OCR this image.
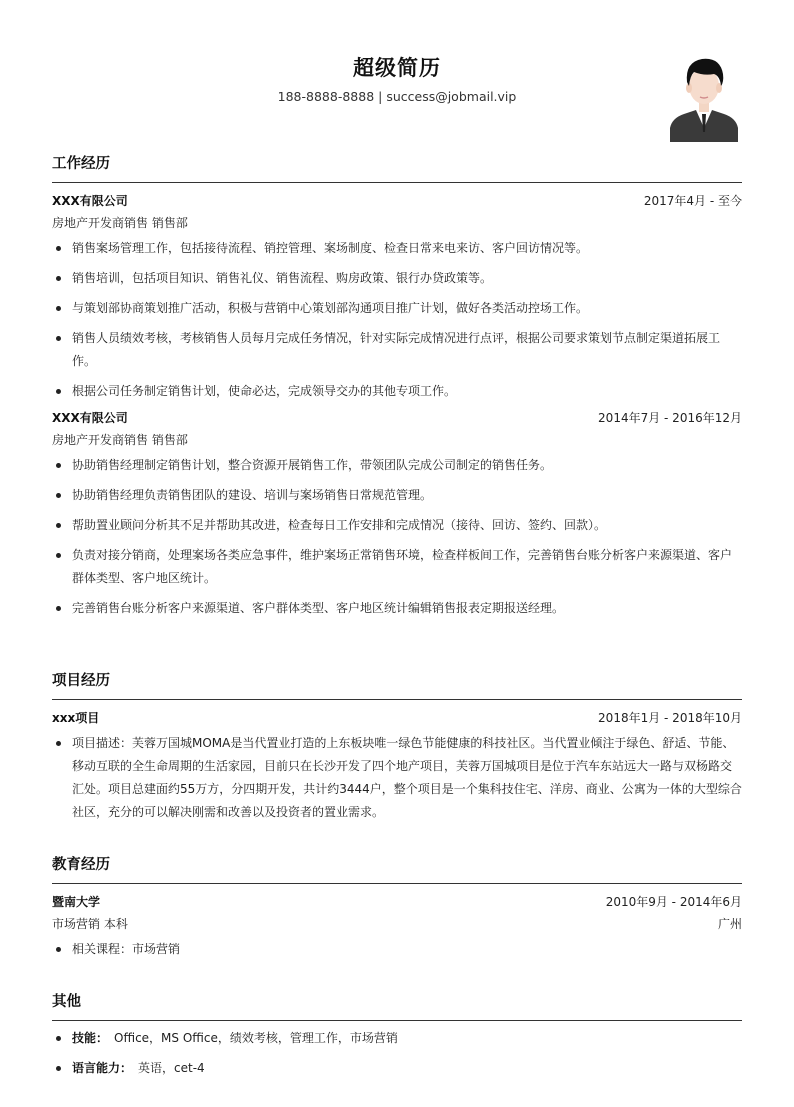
超级简历
188-8888-8888 | success@jobmail.vip
工作经历
XXX有限公司	2017年4月 - 至今
房地产开发商销售 销售部
销售案场管理工作，包括接待流程、销控管理、案场制度、检查日常来电来访、客户回访情况等。
销售培训，包括项目知识、销售礼仪、销售流程、购房政策、银行办贷政策等。
与策划部协商策划推广活动，积极与营销中心策划部沟通项目推广计划，做好各类活动控场工作。
销售人员绩效考核，考核销售人员每月完成任务情况，针对实际完成情况进行点评，根据公司要求策划节点制定渠道拓展工作。
根据公司任务制定销售计划，使命必达，完成领导交办的其他专项工作。
XXX有限公司	2014年7月 - 2016年12月
房地产开发商销售 销售部
协助销售经理制定销售计划，整合资源开展销售工作，带领团队完成公司制定的销售任务。
协助销售经理负责销售团队的建设、培训与案场销售日常规范管理。
帮助置业顾问分析其不足并帮助其改进，检查每日工作安排和完成情况（接待、回访、签约、回款）。
负责对接分销商，处理案场各类应急事件，维护案场正常销售环境，检查样板间工作，完善销售台账分析客户来源渠道、客户群体类型、客户地区统计。
完善销售台账分析客户来源渠道、客户群体类型、客户地区统计编辑销售报表定期报送经理。
项目经历
xxx项目	2018年1月 - 2018年10月
项目描述：芙蓉万国城MOMA是当代置业打造的上东板块唯一绿色节能健康的科技社区。当代置业倾注于绿色、舒适、节能、移动互联的全生命周期的生活家园，目前只在长沙开发了四个地产项目，芙蓉万国城项目是位于汽车东站远大一路与双杨路交汇处。项目总建面约55万方，分四期开发，共计约3444户，整个项目是一个集科技住宅、洋房、商业、公寓为一体的大型综合社区，充分的可以解决刚需和改善以及投资者的置业需求。
教育经历
暨南大学	2010年9月 - 2014年6月
市场营销 本科	广州
相关课程：市场营销
其他
技能： Office，MS Office，绩效考核，管理工作，市场营销
语言能力： 英语，cet-4
